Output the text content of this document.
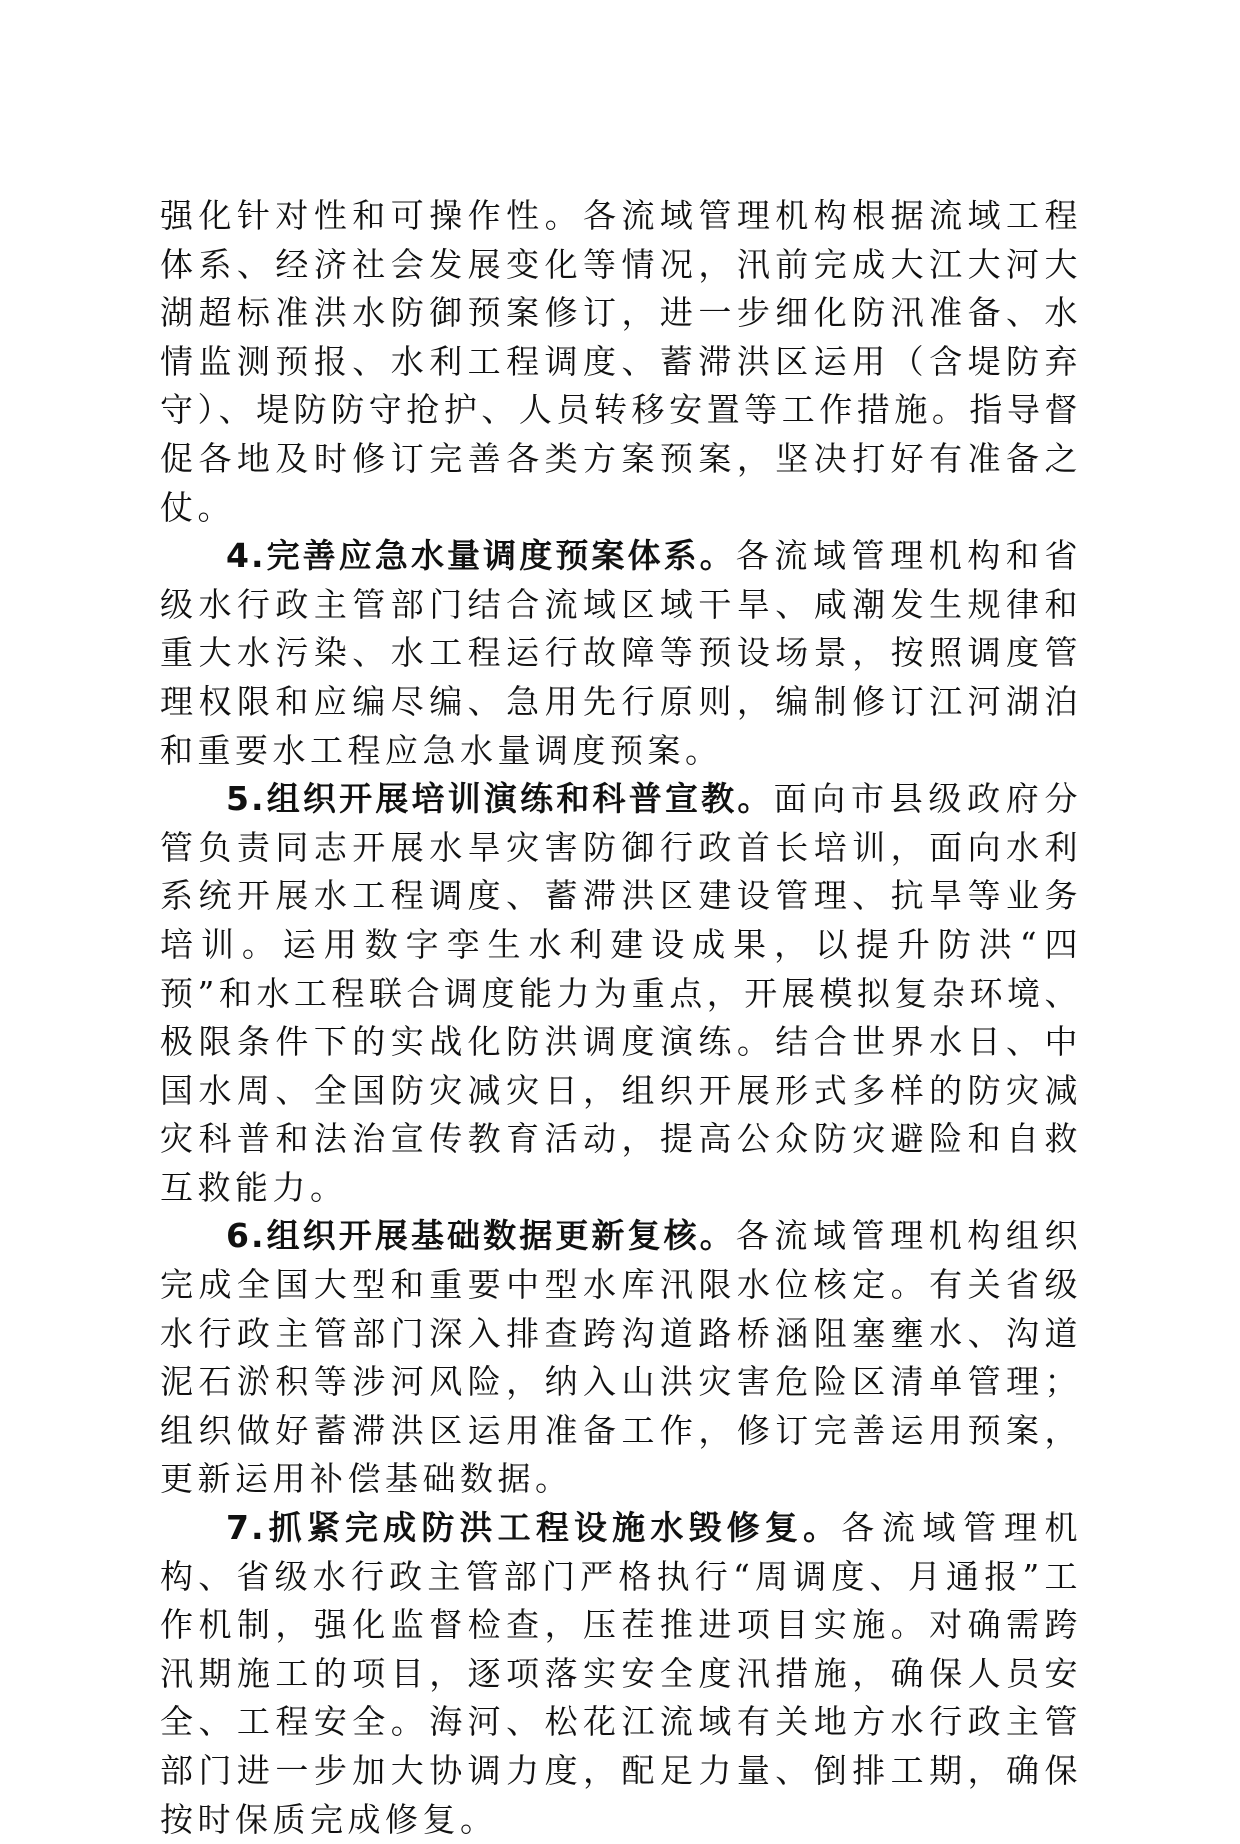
强化针对性和可操作性。各流域管理机构根据流域工程体系、经济社会发展变化等情况，汛前完成大江大河大湖超标准洪水防御预案修订，进一步细化防汛准备、水情监测预报、水利工程调度、蓄滞洪区运用（含堤防弃守）、堤防防守抢护、人员转移安置等工作措施。指导督促各地及时修订完善各类方案预案，坚决打好有准备之仗。

4.完善应急水量调度预案体系。各流域管理机构和省级水行政主管部门结合流域区域干旱、咸潮发生规律和重大水污染、水工程运行故障等预设场景，按照调度管理权限和应编尽编、急用先行原则，编制修订江河湖泊和重要水工程应急水量调度预案。

5.组织开展培训演练和科普宣教。面向市县级政府分管负责同志开展水旱灾害防御行政首长培训，面向水利系统开展水工程调度、蓄滞洪区建设管理、抗旱等业务培训。运用数字孪生水利建设成果，以提升防洪“四预”和水工程联合调度能力为重点，开展模拟复杂环境、极限条件下的实战化防洪调度演练。结合世界水日、中国水周、全国防灾减灾日，组织开展形式多样的防灾减灾科普和法治宣传教育活动，提高公众防灾避险和自救互救能力。

6.组织开展基础数据更新复核。各流域管理机构组织完成全国大型和重要中型水库汛限水位核定。有关省级水行政主管部门深入排查跨沟道路桥涵阻塞壅水、沟道泥石淤积等涉河风险，纳入山洪灾害危险区清单管理；组织做好蓄滞洪区运用准备工作，修订完善运用预案，更新运用补偿基础数据。

7.抓紧完成防洪工程设施水毁修复。各流域管理机构、省级水行政主管部门严格执行“周调度、月通报”工作机制，强化监督检查，压茬推进项目实施。对确需跨汛期施工的项目，逐项落实安全度汛措施，确保人员安全、工程安全。海河、松花江流域有关地方水行政主管部门进一步加大协调力度，配足力量、倒排工期，确保按时保质完成修复。
